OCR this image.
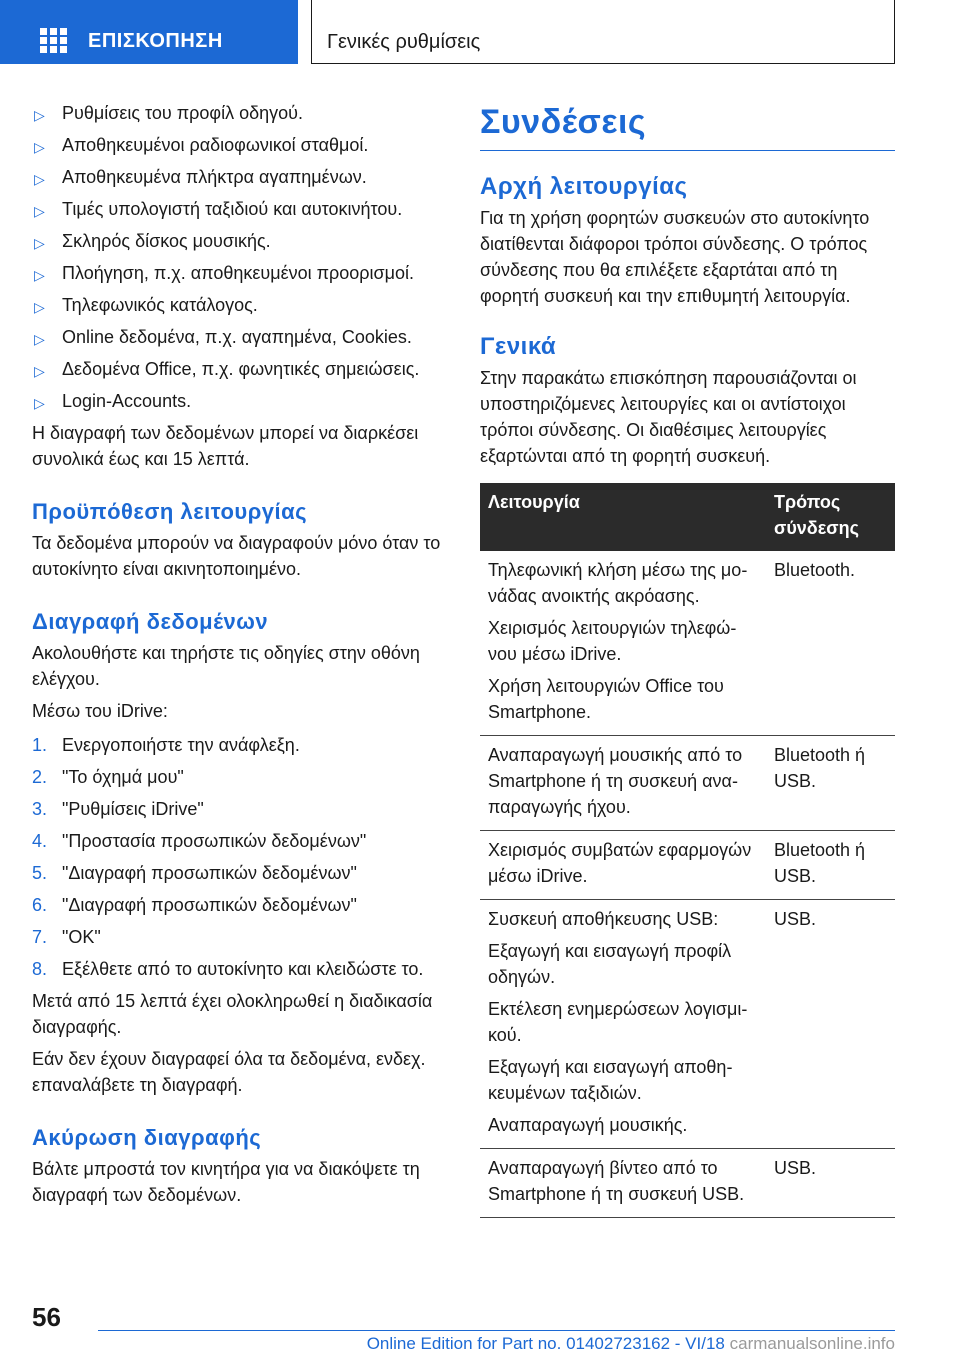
ΕΠΙΣΚΟΠΗΣΗ	Γενικές ρυθμίσεις
▷ Ρυθμίσεις του προφίλ οδηγού.
▷ Αποθηκευμένοι ραδιοφωνικοί σταθμοί.
▷ Αποθηκευμένα πλήκτρα αγαπημένων.
▷ Τιμές υπολογιστή ταξιδιού και αυτοκινήτου.
▷ Σκληρός δίσκος μουσικής.
▷ Πλοήγηση, π.χ. αποθηκευμένοι προορισμοί.
▷ Τηλεφωνικός κατάλογος.
▷ Online δεδομένα, π.χ. αγαπημένα, Cookies.
▷ Δεδομένα Office, π.χ. φωνητικές σημειώσεις.
▷ Login-Accounts.

Η διαγραφή των δεδομένων μπορεί να διαρκέσει συνολικά έως και 15 λεπτά.

Προϋπόθεση λειτουργίας

Τα δεδομένα μπορούν να διαγραφούν μόνο όταν το αυτοκίνητο είναι ακινητοποιημένο.

Διαγραφή δεδομένων

Ακολουθήστε και τηρήστε τις οδηγίες στην οθόνη ελέγχου.

Μέσω του iDrive:

1. Ενεργοποιήστε την ανάφλεξη.
2. "Το όχημά μου"
3. "Ρυθμίσεις iDrive"
4. "Προστασία προσωπικών δεδομένων"
5. "Διαγραφή προσωπικών δεδομένων"
6. "Διαγραφή προσωπικών δεδομένων"
7. "OK"
8. Εξέλθετε από το αυτοκίνητο και κλειδώστε το.

Μετά από 15 λεπτά έχει ολοκληρωθεί η διαδικασία διαγραφής.

Εάν δεν έχουν διαγραφεί όλα τα δεδομένα, ενδεχ. επαναλάβετε τη διαγραφή.

Ακύρωση διαγραφής

Βάλτε μπροστά τον κινητήρα για να διακόψετε τη διαγραφή των δεδομένων.

Συνδέσεις
Αρχή λειτουργίας

Για τη χρήση φορητών συσκευών στο αυτοκίνητο διατίθενται διάφοροι τρόποι σύνδεσης. Ο τρόπος σύνδεσης που θα επιλέξετε εξαρτάται από τη φορητή συσκευή και την επιθυμητή λειτουργία.

Γενικά

Στην παρακάτω επισκόπηση παρουσιάζονται οι υποστηριζόμενες λειτουργίες και οι αντίστοιχοι τρόποι σύνδεσης. Οι διαθέσιμες λειτουργίες εξαρτώνται από τη φορητή συσκευή.

Λειτουργία	Τρόπος σύνδεσης

Τηλεφωνική κλήση μέσω της μονάδας ανοικτής ακρόασης.
Χειρισμός λειτουργιών τηλεφώνου μέσω iDrive.
Χρήση λειτουργιών Office του Smartphone.	Bluetooth.

Αναπαραγωγή μουσικής από το Smartphone ή τη συσκευή αναπαραγωγής ήχου.	Bluetooth ή USB.

Χειρισμός συμβατών εφαρμογών μέσω iDrive.	Bluetooth ή USB.

Συσκευή αποθήκευσης USB:
Εξαγωγή και εισαγωγή προφίλ οδηγών.
Εκτέλεση ενημερώσεων λογισμικού.
Εξαγωγή και εισαγωγή αποθηκευμένων ταξιδιών.
Αναπαραγωγή μουσικής.	USB.

Αναπαραγωγή βίντεο από το Smartphone ή τη συσκευή USB.	USB.
56
Online Edition for Part no. 01402723162 - VI/18 carmanualsonline.info
